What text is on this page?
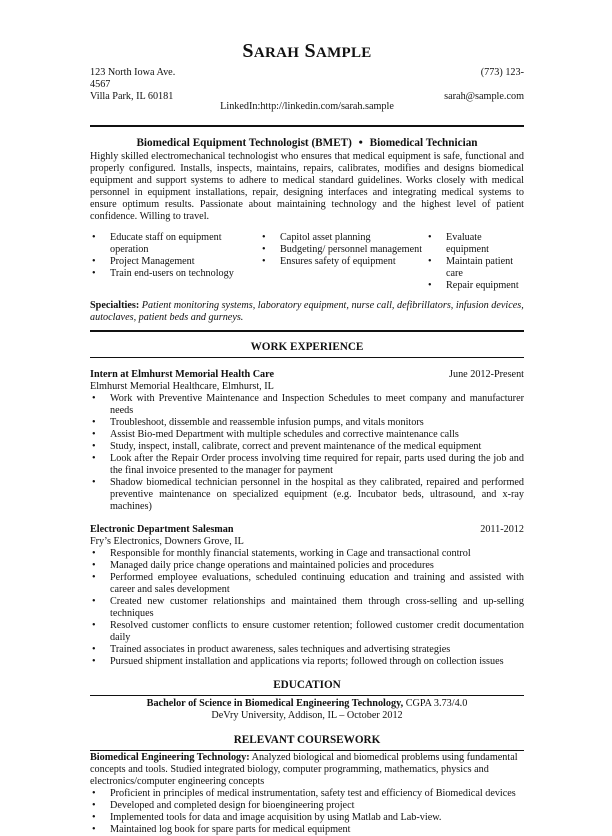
SARAH SAMPLE
123 North Iowa Ave.
4567
Villa Park, IL 60181
(773) 123-

sarah@sample.com
LinkedIn:http://linkedin.com/sarah.sample
Biomedical Equipment Technologist (BMET) • Biomedical Technician
Highly skilled electromechanical technologist who ensures that medical equipment is safe, functional and properly configured. Installs, inspects, maintains, repairs, calibrates, modifies and designs biomedical equipment and support systems to adhere to medical standard guidelines. Works closely with medical personnel in equipment installations, repair, designing interfaces and integrating medical systems to ensure optimum results. Passionate about maintaining technology and the highest level of patient confidence. Willing to travel.
• Educate staff on equipment operation
• Project Management
• Train end-users on technology
• Capitol asset planning
• Budgeting/ personnel management
• Ensures safety of equipment
• Evaluate equipment
• Maintain patient care
• Repair equipment
Specialties: Patient monitoring systems, laboratory equipment, nurse call, defibrillators, infusion devices, autoclaves, patient beds and gurneys.
WORK EXPERIENCE
Intern at Elmhurst Memorial Health Care	June 2012-Present
Elmhurst Memorial Healthcare, Elmhurst, IL
• Work with Preventive Maintenance and Inspection Schedules to meet company and manufacturer needs
• Troubleshoot, dissemble and reassemble infusion pumps, and vitals monitors
• Assist Bio-med Department with multiple schedules and corrective maintenance calls
• Study, inspect, install, calibrate, correct and prevent maintenance of the medical equipment
• Look after the Repair Order process involving time required for repair, parts used during the job and the final invoice presented to the manager for payment
• Shadow biomedical technician personnel in the hospital as they calibrated, repaired and performed preventive maintenance on specialized equipment (e.g. Incubator beds, ultrasound, and x-ray machines)
Electronic Department Salesman	2011-2012
Fry’s Electronics, Downers Grove, IL
• Responsible for monthly financial statements, working in Cage and transactional control
• Managed daily price change operations and maintained policies and procedures
• Performed employee evaluations, scheduled continuing education and training and assisted with career and sales development
• Created new customer relationships and maintained them through cross-selling and up-selling techniques
• Resolved customer conflicts to ensure customer retention; followed customer credit documentation daily
• Trained associates in product awareness, sales techniques and advertising strategies
• Pursued shipment installation and applications via reports; followed through on collection issues
EDUCATION
Bachelor of Science in Biomedical Engineering Technology, CGPA 3.73/4.0
DeVry University, Addison, IL – October 2012
RELEVANT COURSEWORK
Biomedical Engineering Technology: Analyzed biological and biomedical problems using fundamental concepts and tools. Studied integrated biology, computer programming, mathematics, physics and electronics/computer engineering concepts
• Proficient in principles of medical instrumentation, safety test and efficiency of Biomedical devices
• Developed and completed design for bioengineering project
• Implemented tools for data and image acquisition by using Matlab and Lab-view.
• Maintained log book for spare parts for medical equipment
